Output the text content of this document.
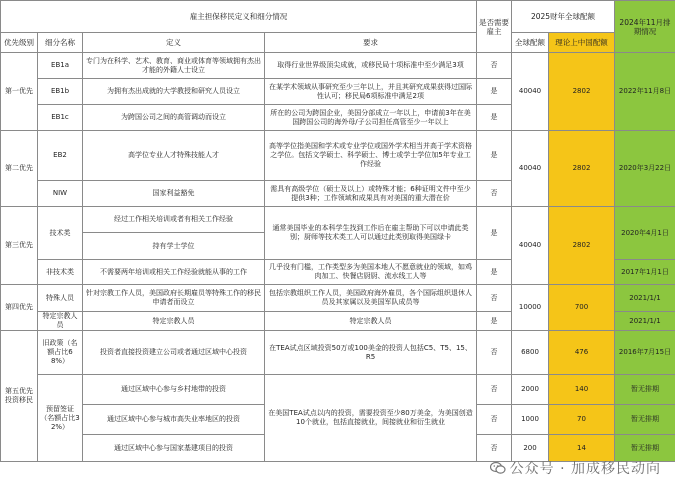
雇主担保移民定义和细分情况				是否需要雇主	2025财年全球配额		2024年11月排期情况
优先级别	细分名称	定义	要求		全球配额	理论上中国配额	
第一优先	EB1a	专门为在科学、艺术、教育、商业或体育等领域拥有杰出才能的外籍人士设立	取得行业世界级顶尖成就，或移民局十项标准中至少满足3项	否	40040	2802	2022年11月8日
	EB1b	为拥有杰出成就的大学教授和研究人员设立	在某学术领域从事研究至少三年以上，并且其研究成果获得过国际性认可；移民局6项标准中满足2项	是			
	EB1c	为跨国公司之间的高管调动而设立	所在的公司为跨国企业，美国分部成立一年以上，申请前3年在美国跨国公司的海外母/子公司担任高管至少一年以上	是			
第二优先	EB2	高学位专业人才特殊技能人才	高等学位指美国和学术或专业学位或国外学术相当并高于学术资格之学位。包括文学硕士、科学硕士、博士或学士学位加5年专业工作经验	是	40040	2802	2020年3月22日
	NIW	国家利益豁免	需具有高级学位（硕士及以上）或特殊才能；6种证明文件中至少提供3种；工作领域和成果具有对美国的重大潜在价	否			
第三优先	技术类	经过工作相关培训或者有相关工作经验	通常美国毕业的本科学生找到工作后在雇主帮助下可以申请此类别；厨师等技术类工人可以通过此类别取得美国绿卡	是	40040	2802	2020年4月1日
		持有学士学位					
	非技术类	不需要两年培训或相关工作经验就能从事的工作	几乎没有门槛，工作类型多为美国本地人不愿意就业的领域，如鸡肉加工、快餐店厨厨、流水线工人等	是			2017年1月1日
第四优先	特殊人员	针对宗教工作人员，美国政府长期雇员等特殊工作的移民申请者而设立	包括宗教组织工作人员，美国政府海外雇员，各个国际组织退休人员及其家属以及美国军队成员等	否	10000	700	2021/1/1
	特定宗教人员	特定宗教人员	特定宗教人员	是			2021/1/1
第五优先投资移民	旧政策（名额占比68%）	投资者直接投资建立公司或者通过区域中心投资	在TEA试点区域投资50万或100美金的投资人包括C5、T5、15、R5	否	6800	476	2016年7月15日
	预留签证（名额占比32%）	通过区域中心参与乡村地带的投资	在美国TEA试点以内的投资，需要投资至少80万美金，为美国创造10个就业，包括直接就业，间接就业和衍生就业	否	2000	140	暂无排期
		通过区域中心参与城市高失业率地区的投资		否	1000	70	暂无排期
		通过区域中心参与国家基建项目的投资		否	200	14	暂无排期
公众号 · 加成移民动向
